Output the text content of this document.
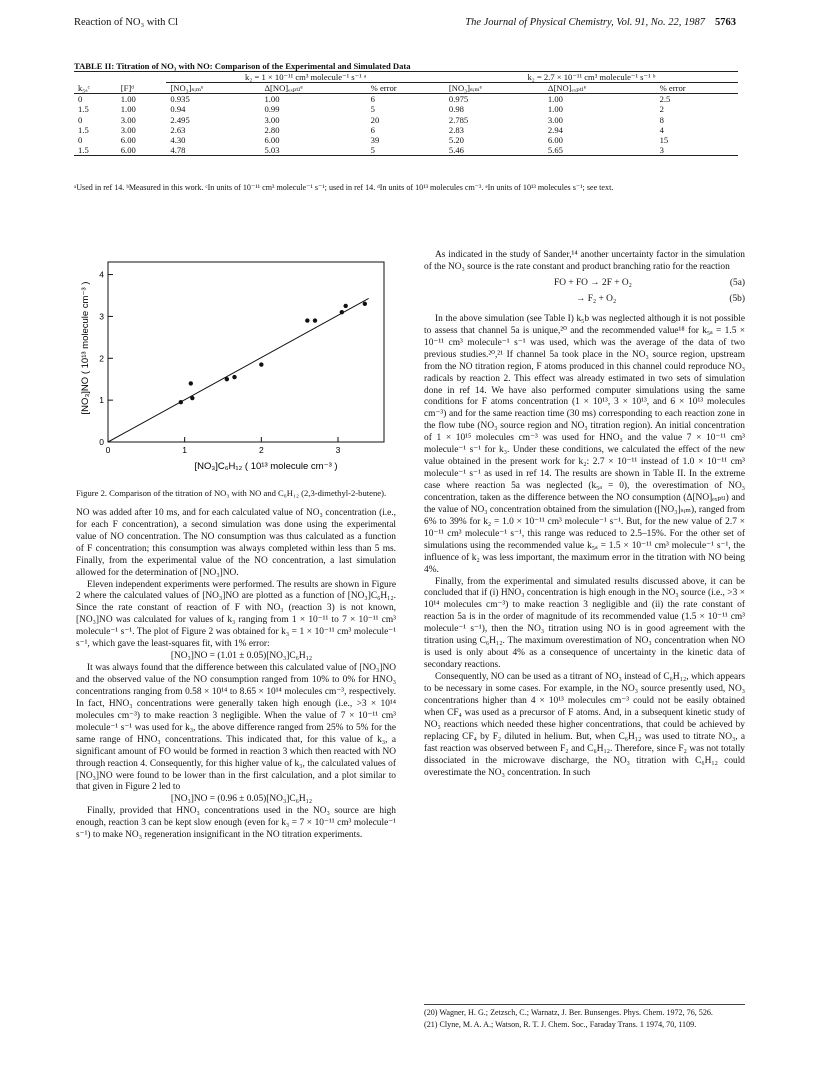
Reaction of NO₃ with Cl	The Journal of Physical Chemistry, Vol. 91, No. 22, 1987 5763
TABLE II: Titration of NO₃ with NO: Comparison of the Experimental and Simulated Data
		k₂ = 1 × 10⁻¹¹ cm³ molecule⁻¹ s⁻¹ ᵃ			k₂ = 2.7 × 10⁻¹¹ cm³ molecule⁻¹ s⁻¹ ᵇ		
k₅ₐᶜ	[F]ᵈ	[NO₃]ₛᵢₘᵉ	Δ[NO]ₑₓₚₜₗᵉ	% error	[NO₃]ₛᵢₘᵉ	Δ[NO]ₑₓₚₜₗᵉ	% error
0	1.00	0.935	1.00	6	0.975	1.00	2.5
1.5	1.00	0.94	0.99	5	0.98	1.00	2
0	3.00	2.495	3.00	20	2.785	3.00	8
1.5	3.00	2.63	2.80	6	2.83	2.94	4
0	6.00	4.30	6.00	39	5.20	6.00	15
1.5	6.00	4.78	5.03	5	5.46	5.65	3
ᵃUsed in ref 14. ᵇMeasured in this work. ᶜIn units of 10⁻¹¹ cm³ molecule⁻¹ s⁻¹; used in ref 14. ᵈIn units of 10¹³ molecules cm⁻³. ᵉIn units of 10¹³ molecules s⁻¹; see text.
0	1	2	3
0
1
2
3
4
[NO₃]NO ( 10¹³ molecule cm⁻³ )
[NO₃]C₆H₁₂ ( 10¹³ molecule cm⁻³ )

Figure 2. Comparison of the titration of NO₃ with NO and C₆H₁₂ (2,3-dimethyl-2-butene).

NO was added after 10 ms, and for each calculated value of NO₃ concentration (i.e., for each F concentration), a second simulation was done using the experimental value of NO concentration. The NO consumption was thus calculated as a function of F concentration; this consumption was always completed within less than 5 ms. Finally, from the experimental value of the NO concentration, a last simulation allowed for the determination of [NO₃]NO.

Eleven independent experiments were performed. The results are shown in Figure 2 where the calculated values of [NO₃]NO are plotted as a function of [NO₃]C₆H₁₂. Since the rate constant of reaction of F with NO₃ (reaction 3) is not known, [NO₃]NO was calculated for values of k₃ ranging from 1 × 10⁻¹¹ to 7 × 10⁻¹¹ cm³ molecule⁻¹ s⁻¹. The plot of Figure 2 was obtained for k₃ = 1 × 10⁻¹¹ cm³ molecule⁻¹ s⁻¹, which gave the least-squares fit, with 1% error:

[NO₃]NO = (1.01 ± 0.05)[NO₃]C₆H₁₂

It was always found that the difference between this calculated value of [NO₃]NO and the observed value of the NO consumption ranged from 10% to 0% for HNO₃ concentrations ranging from 0.58 × 10¹⁴ to 8.65 × 10¹⁴ molecules cm⁻³, respectively. In fact, HNO₃ concentrations were generally taken high enough (i.e., >3 × 10¹⁴ molecules cm⁻³) to make reaction 3 negligible. When the value of 7 × 10⁻¹¹ cm³ molecule⁻¹ s⁻¹ was used for k₃, the above difference ranged from 25% to 5% for the same range of HNO₃ concentrations. This indicated that, for this value of k₃, a significant amount of FO would be formed in reaction 3 which then reacted with NO through reaction 4. Consequently, for this higher value of k₃, the calculated values of [NO₃]NO were found to be lower than in the first calculation, and a plot similar to that given in Figure 2 led to

[NO₃]NO = (0.96 ± 0.05)[NO₃]C₆H₁₂

Finally, provided that HNO₃ concentrations used in the NO₃ source are high enough, reaction 3 can be kept slow enough (even for k₃ = 7 × 10⁻¹¹ cm³ molecule⁻¹ s⁻¹) to make NO₃ regeneration insignificant in the NO titration experiments.

As indicated in the study of Sander,¹⁴ another uncertainty factor in the simulation of the NO₃ source is the rate constant and product branching ratio for the reaction

FO + FO → 2F + O₂	(5a)
→ F₂ + O₂	(5b)

In the above simulation (see Table I) k₅b was neglected although it is not possible to assess that channel 5a is unique,²⁰ and the recommended value¹⁸ for k₅ₐ = 1.5 × 10⁻¹¹ cm³ molecule⁻¹ s⁻¹ was used, which was the average of the data of two previous studies.²⁰,²¹ If channel 5a took place in the NO₃ source region, upstream from the NO titration region, F atoms produced in this channel could reproduce NO₃ radicals by reaction 2. This effect was already estimated in two sets of simulation done in ref 14. We have also performed computer simulations using the same conditions for F atoms concentration (1 × 10¹³, 3 × 10¹³, and 6 × 10¹³ molecules cm⁻³) and for the same reaction time (30 ms) corresponding to each reaction zone in the flow tube (NO₃ source region and NO₃ titration region). An initial concentration of 1 × 10¹⁵ molecules cm⁻³ was used for HNO₃ and the value 7 × 10⁻¹¹ cm³ molecule⁻¹ s⁻¹ for k₃. Under these conditions, we calculated the effect of the new value obtained in the present work for k₂: 2.7 × 10⁻¹¹ instead of 1.0 × 10⁻¹¹ cm³ molecule⁻¹ s⁻¹ as used in ref 14. The results are shown in Table II. In the extreme case where reaction 5a was neglected (k₅ₐ = 0), the overestimation of NO₃ concentration, taken as the difference between the NO consumption (Δ[NO]ₑₓₚₜₗ) and the value of NO₃ concentration obtained from the simulation ([NO₃]ₛᵢₘ), ranged from 6% to 39% for k₂ = 1.0 × 10⁻¹¹ cm³ molecule⁻¹ s⁻¹. But, for the new value of 2.7 × 10⁻¹¹ cm³ molecule⁻¹ s⁻¹, this range was reduced to 2.5–15%. For the other set of simulations using the recommended value k₅ₐ = 1.5 × 10⁻¹¹ cm³ molecule⁻¹ s⁻¹, the influence of k₂ was less important, the maximum error in the titration with NO being 4%.

Finally, from the experimental and simulated results discussed above, it can be concluded that if (i) HNO₃ concentration is high enough in the NO₃ source (i.e., >3 × 10¹⁴ molecules cm⁻³) to make reaction 3 negligible and (ii) the rate constant of reaction 5a is in the order of magnitude of its recommended value (1.5 × 10⁻¹¹ cm³ molecule⁻¹ s⁻¹), then the NO₃ titration using NO is in good agreement with the titration using C₆H₁₂. The maximum overestimation of NO₃ concentration when NO is used is only about 4% as a consequence of uncertainty in the kinetic data of secondary reactions.

Consequently, NO can be used as a titrant of NO₃ instead of C₆H₁₂, which appears to be necessary in some cases. For example, in the NO₃ source presently used, NO₃ concentrations higher than 4 × 10¹³ molecules cm⁻³ could not be easily obtained when CF₄ was used as a precursor of F atoms. And, in a subsequent kinetic study of NO₃ reactions which needed these higher concentrations, that could be achieved by replacing CF₄ by F₂ diluted in helium. But, when C₆H₁₂ was used to titrate NO₃, a fast reaction was observed between F₂ and C₆H₁₂. Therefore, since F₂ was not totally dissociated in the microwave discharge, the NO₃ titration with C₆H₁₂ could overestimate the NO₃ concentration. In such

(20) Wagner, H. G.; Zetzsch, C.; Warnatz, J. Ber. Bunsenges. Phys. Chem. 1972, 76, 526.

(21) Clyne, M. A. A.; Watson, R. T. J. Chem. Soc., Faraday Trans. 1 1974, 70, 1109.
